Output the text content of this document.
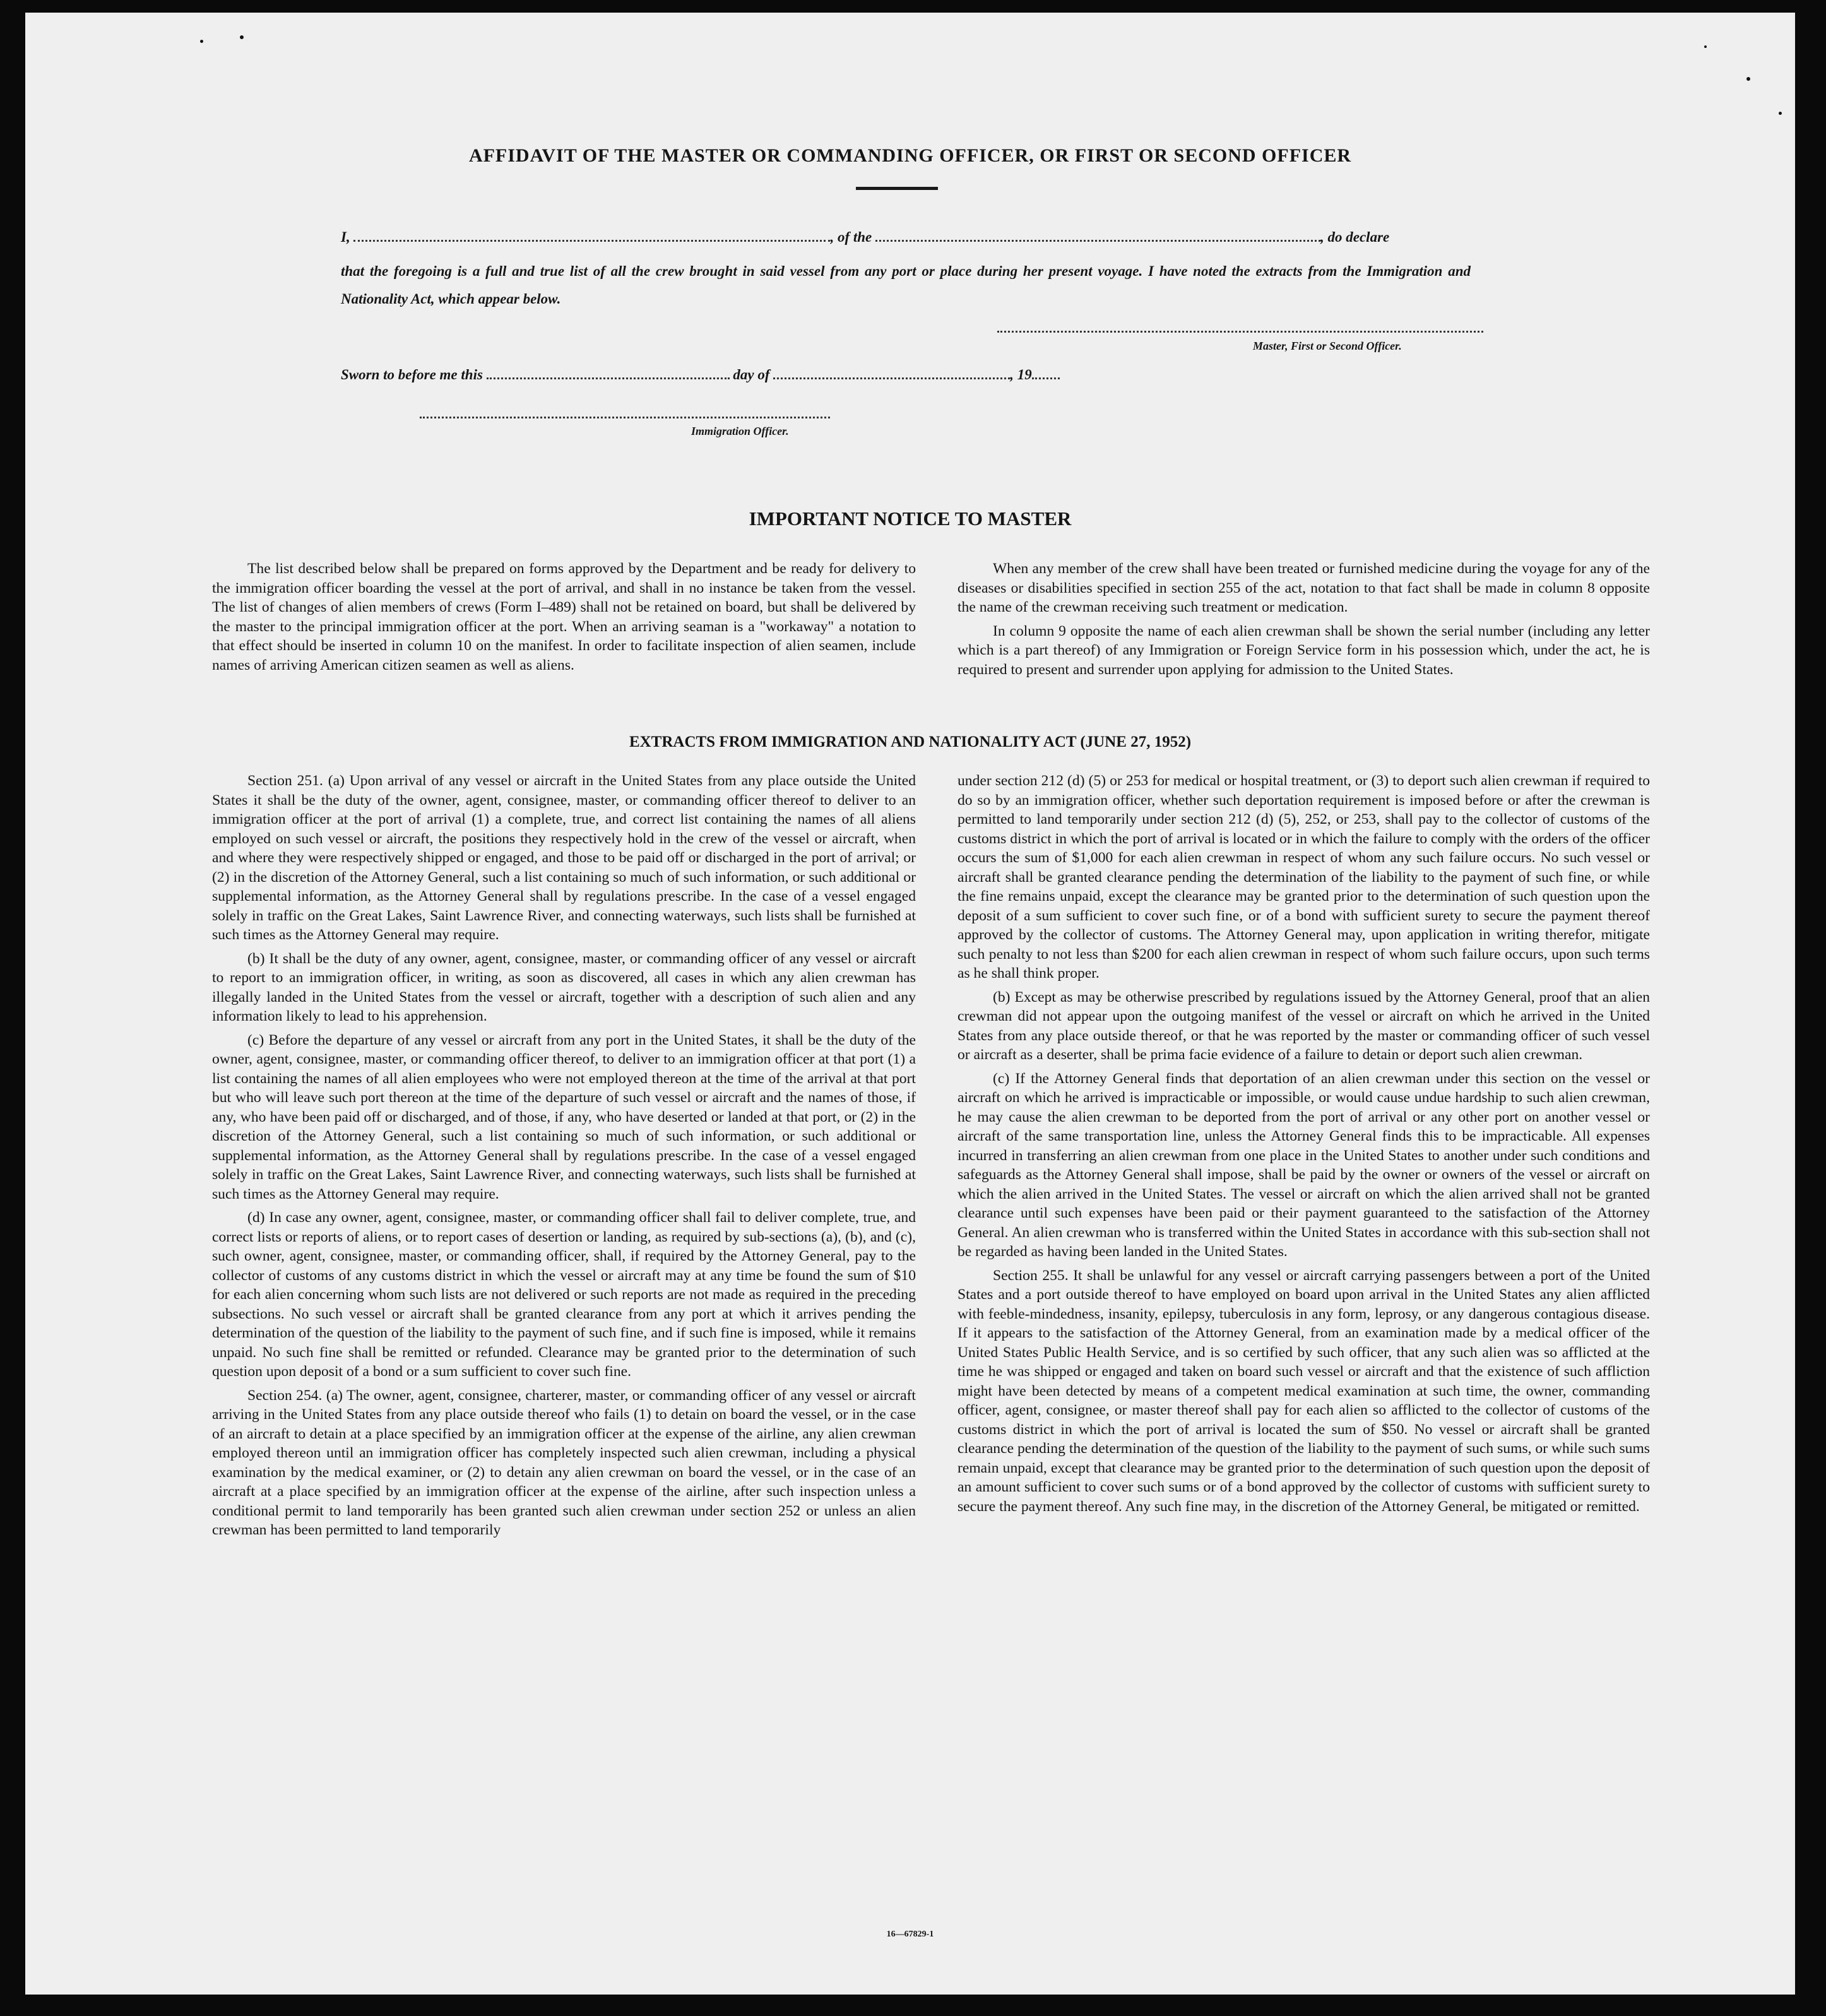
AFFIDAVIT OF THE MASTER OR COMMANDING OFFICER, OR FIRST OR SECOND OFFICER
I,	, of the	, do declare
that the foregoing is a full and true list of all the crew brought in said vessel from any port or place during her present voyage. I have noted the extracts from the Immigration and Nationality Act, which appear below.
Master, First or Second Officer.
Sworn to before me this	day of	, 19
Immigration Officer.
IMPORTANT NOTICE TO MASTER

The list described below shall be prepared on forms approved by the Department and be ready for delivery to the immigration officer boarding the vessel at the port of arrival, and shall in no instance be taken from the vessel. The list of changes of alien members of crews (Form I–489) shall not be retained on board, but shall be delivered by the master to the principal immigration officer at the port. When an arriving seaman is a "workaway" a notation to that effect should be inserted in column 10 on the manifest. In order to facilitate inspection of alien seamen, include names of arriving American citizen seamen as well as aliens.

When any member of the crew shall have been treated or furnished medicine during the voyage for any of the diseases or disabilities specified in section 255 of the act, notation to that fact shall be made in column 8 opposite the name of the crewman receiving such treatment or medication.

In column 9 opposite the name of each alien crewman shall be shown the serial number (including any letter which is a part thereof) of any Immigration or Foreign Service form in his possession which, under the act, he is required to present and surrender upon applying for admission to the United States.

EXTRACTS FROM IMMIGRATION AND NATIONALITY ACT (JUNE 27, 1952)

Section 251. (a) Upon arrival of any vessel or aircraft in the United States from any place outside the United States it shall be the duty of the owner, agent, consignee, master, or commanding officer thereof to deliver to an immigration officer at the port of arrival (1) a complete, true, and correct list containing the names of all aliens employed on such vessel or aircraft, the positions they respectively hold in the crew of the vessel or aircraft, when and where they were respectively shipped or engaged, and those to be paid off or discharged in the port of arrival; or (2) in the discretion of the Attorney General, such a list containing so much of such information, or such additional or supplemental information, as the Attorney General shall by regulations prescribe. In the case of a vessel engaged solely in traffic on the Great Lakes, Saint Lawrence River, and connecting waterways, such lists shall be furnished at such times as the Attorney General may require.

(b) It shall be the duty of any owner, agent, consignee, master, or commanding officer of any vessel or aircraft to report to an immigration officer, in writing, as soon as discovered, all cases in which any alien crewman has illegally landed in the United States from the vessel or aircraft, together with a description of such alien and any information likely to lead to his apprehension.

(c) Before the departure of any vessel or aircraft from any port in the United States, it shall be the duty of the owner, agent, consignee, master, or commanding officer thereof, to deliver to an immigration officer at that port (1) a list containing the names of all alien employees who were not employed thereon at the time of the arrival at that port but who will leave such port thereon at the time of the departure of such vessel or aircraft and the names of those, if any, who have been paid off or discharged, and of those, if any, who have deserted or landed at that port, or (2) in the discretion of the Attorney General, such a list containing so much of such information, or such additional or supplemental information, as the Attorney General shall by regulations prescribe. In the case of a vessel engaged solely in traffic on the Great Lakes, Saint Lawrence River, and connecting waterways, such lists shall be furnished at such times as the Attorney General may require.

(d) In case any owner, agent, consignee, master, or commanding officer shall fail to deliver complete, true, and correct lists or reports of aliens, or to report cases of desertion or landing, as required by sub-sections (a), (b), and (c), such owner, agent, consignee, master, or commanding officer, shall, if required by the Attorney General, pay to the collector of customs of any customs district in which the vessel or aircraft may at any time be found the sum of $10 for each alien concerning whom such lists are not delivered or such reports are not made as required in the preceding subsections. No such vessel or aircraft shall be granted clearance from any port at which it arrives pending the determination of the question of the liability to the payment of such fine, and if such fine is imposed, while it remains unpaid. No such fine shall be remitted or refunded. Clearance may be granted prior to the determination of such question upon deposit of a bond or a sum sufficient to cover such fine.

Section 254. (a) The owner, agent, consignee, charterer, master, or commanding officer of any vessel or aircraft arriving in the United States from any place outside thereof who fails (1) to detain on board the vessel, or in the case of an aircraft to detain at a place specified by an immigration officer at the expense of the airline, any alien crewman employed thereon until an immigration officer has completely inspected such alien crewman, including a physical examination by the medical examiner, or (2) to detain any alien crewman on board the vessel, or in the case of an aircraft at a place specified by an immigration officer at the expense of the airline, after such inspection unless a conditional permit to land temporarily has been granted such alien crewman under section 252 or unless an alien crewman has been permitted to land temporarily

under section 212 (d) (5) or 253 for medical or hospital treatment, or (3) to deport such alien crewman if required to do so by an immigration officer, whether such deportation requirement is imposed before or after the crewman is permitted to land temporarily under section 212 (d) (5), 252, or 253, shall pay to the collector of customs of the customs district in which the port of arrival is located or in which the failure to comply with the orders of the officer occurs the sum of $1,000 for each alien crewman in respect of whom any such failure occurs. No such vessel or aircraft shall be granted clearance pending the determination of the liability to the payment of such fine, or while the fine remains unpaid, except the clearance may be granted prior to the determination of such question upon the deposit of a sum sufficient to cover such fine, or of a bond with sufficient surety to secure the payment thereof approved by the collector of customs. The Attorney General may, upon application in writing therefor, mitigate such penalty to not less than $200 for each alien crewman in respect of whom such failure occurs, upon such terms as he shall think proper.

(b) Except as may be otherwise prescribed by regulations issued by the Attorney General, proof that an alien crewman did not appear upon the outgoing manifest of the vessel or aircraft on which he arrived in the United States from any place outside thereof, or that he was reported by the master or commanding officer of such vessel or aircraft as a deserter, shall be prima facie evidence of a failure to detain or deport such alien crewman.

(c) If the Attorney General finds that deportation of an alien crewman under this section on the vessel or aircraft on which he arrived is impracticable or impossible, or would cause undue hardship to such alien crewman, he may cause the alien crewman to be deported from the port of arrival or any other port on another vessel or aircraft of the same transportation line, unless the Attorney General finds this to be impracticable. All expenses incurred in transferring an alien crewman from one place in the United States to another under such conditions and safeguards as the Attorney General shall impose, shall be paid by the owner or owners of the vessel or aircraft on which the alien arrived in the United States. The vessel or aircraft on which the alien arrived shall not be granted clearance until such expenses have been paid or their payment guaranteed to the satisfaction of the Attorney General. An alien crewman who is transferred within the United States in accordance with this sub-section shall not be regarded as having been landed in the United States.

Section 255. It shall be unlawful for any vessel or aircraft carrying passengers between a port of the United States and a port outside thereof to have employed on board upon arrival in the United States any alien afflicted with feeble-mindedness, insanity, epilepsy, tuberculosis in any form, leprosy, or any dangerous contagious disease. If it appears to the satisfaction of the Attorney General, from an examination made by a medical officer of the United States Public Health Service, and is so certified by such officer, that any such alien was so afflicted at the time he was shipped or engaged and taken on board such vessel or aircraft and that the existence of such affliction might have been detected by means of a competent medical examination at such time, the owner, commanding officer, agent, consignee, or master thereof shall pay for each alien so afflicted to the collector of customs of the customs district in which the port of arrival is located the sum of $50. No vessel or aircraft shall be granted clearance pending the determination of the question of the liability to the payment of such sums, or while such sums remain unpaid, except that clearance may be granted prior to the determination of such question upon the deposit of an amount sufficient to cover such sums or of a bond approved by the collector of customs with sufficient surety to secure the payment thereof. Any such fine may, in the discretion of the Attorney General, be mitigated or remitted.

16—67829-1
